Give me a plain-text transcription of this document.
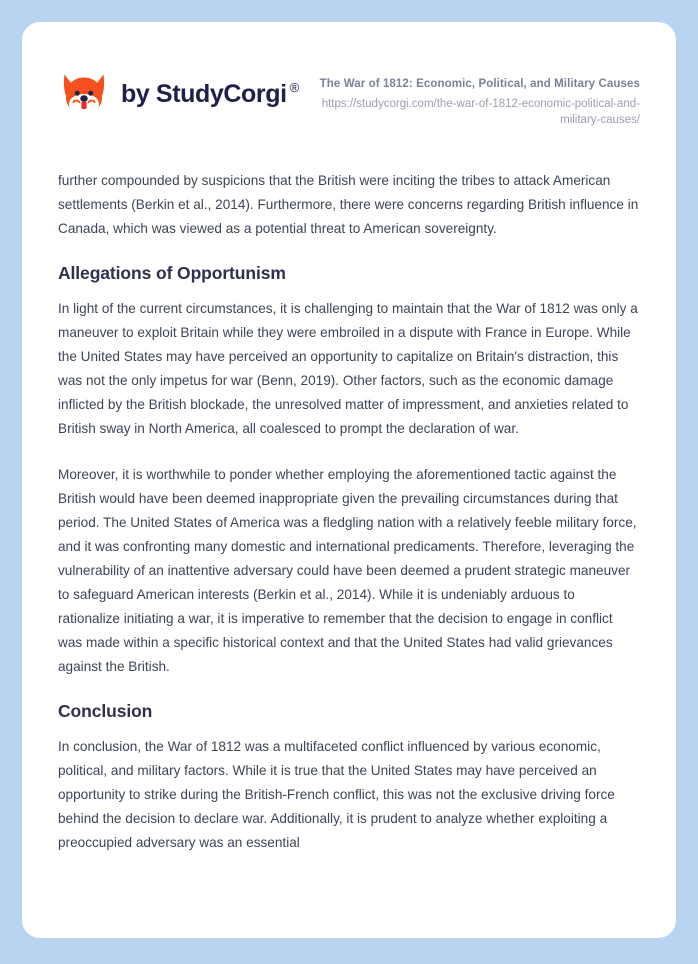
by StudyCorgi ®	The War of 1812: Economic, Political, and Military Causes
https://studycorgi.com/the-war-of-1812-economic-political-and-military-causes/

further compounded by suspicions that the British were inciting the tribes to attack American settlements (Berkin et al., 2014). Furthermore, there were concerns regarding British influence in Canada, which was viewed as a potential threat to American sovereignty.

Allegations of Opportunism

In light of the current circumstances, it is challenging to maintain that the War of 1812 was only a maneuver to exploit Britain while they were embroiled in a dispute with France in Europe. While the United States may have perceived an opportunity to capitalize on Britain's distraction, this was not the only impetus for war (Benn, 2019). Other factors, such as the economic damage inflicted by the British blockade, the unresolved matter of impressment, and anxieties related to British sway in North America, all coalesced to prompt the declaration of war.

Moreover, it is worthwhile to ponder whether employing the aforementioned tactic against the British would have been deemed inappropriate given the prevailing circumstances during that period. The United States of America was a fledgling nation with a relatively feeble military force, and it was confronting many domestic and international predicaments. Therefore, leveraging the vulnerability of an inattentive adversary could have been deemed a prudent strategic maneuver to safeguard American interests (Berkin et al., 2014). While it is undeniably arduous to rationalize initiating a war, it is imperative to remember that the decision to engage in conflict was made within a specific historical context and that the United States had valid grievances against the British.

Conclusion

In conclusion, the War of 1812 was a multifaceted conflict influenced by various economic, political, and military factors. While it is true that the United States may have perceived an opportunity to strike during the British-French conflict, this was not the exclusive driving force behind the decision to declare war. Additionally, it is prudent to analyze whether exploiting a preoccupied adversary was an essential
